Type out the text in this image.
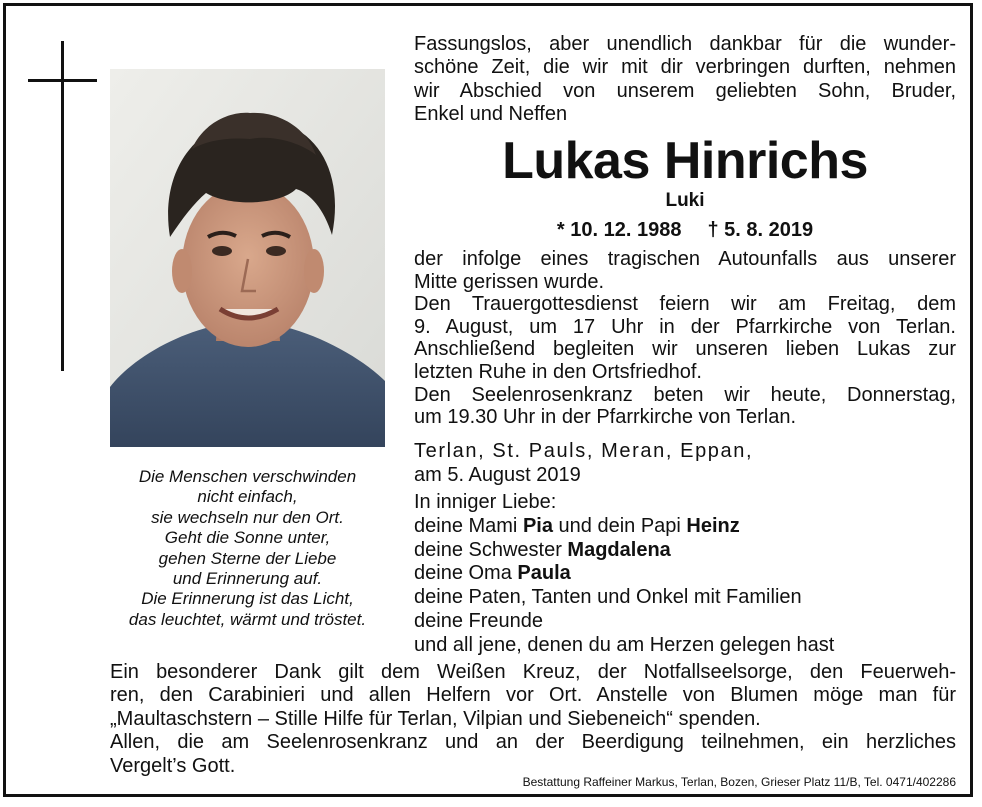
Die Menschen verschwinden
nicht einfach,
sie wechseln nur den Ort.
Geht die Sonne unter,
gehen Sterne der Liebe
und Erinnerung auf.
Die Erinnerung ist das Licht,
das leuchtet, wärmt und tröstet.
Fassungslos, aber unendlich dankbar für die wunder-
schöne Zeit, die wir mit dir verbringen durften, nehmen
wir Abschied von unserem geliebten Sohn, Bruder,
Enkel und Neffen
Lukas Hinrichs
Luki
* 10. 12. 1988 † 5. 8. 2019
der infolge eines tragischen Autounfalls aus unserer
Mitte gerissen wurde.
Den Trauergottesdienst feiern wir am Freitag, dem
9. August, um 17 Uhr in der Pfarrkirche von Terlan.
Anschließend begleiten wir unseren lieben Lukas zur
letzten Ruhe in den Ortsfriedhof.
Den Seelenrosenkranz beten wir heute, Donnerstag,
um 19.30 Uhr in der Pfarrkirche von Terlan.
Terlan, St. Pauls, Meran, Eppan,
am 5. August 2019
In inniger Liebe:
deine Mami Pia und dein Papi Heinz
deine Schwester Magdalena
deine Oma Paula
deine Paten, Tanten und Onkel mit Familien
deine Freunde
und all jene, denen du am Herzen gelegen hast
Ein besonderer Dank gilt dem Weißen Kreuz, der Notfallseelsorge, den Feuerweh-
ren, den Carabinieri und allen Helfern vor Ort. Anstelle von Blumen möge man für
„Maultaschstern – Stille Hilfe für Terlan, Vilpian und Siebeneich“ spenden.
Allen, die am Seelenrosenkranz und an der Beerdigung teilnehmen, ein herzliches
Vergelt’s Gott.
Bestattung Raffeiner Markus, Terlan, Bozen, Grieser Platz 11/B, Tel. 0471/402286
